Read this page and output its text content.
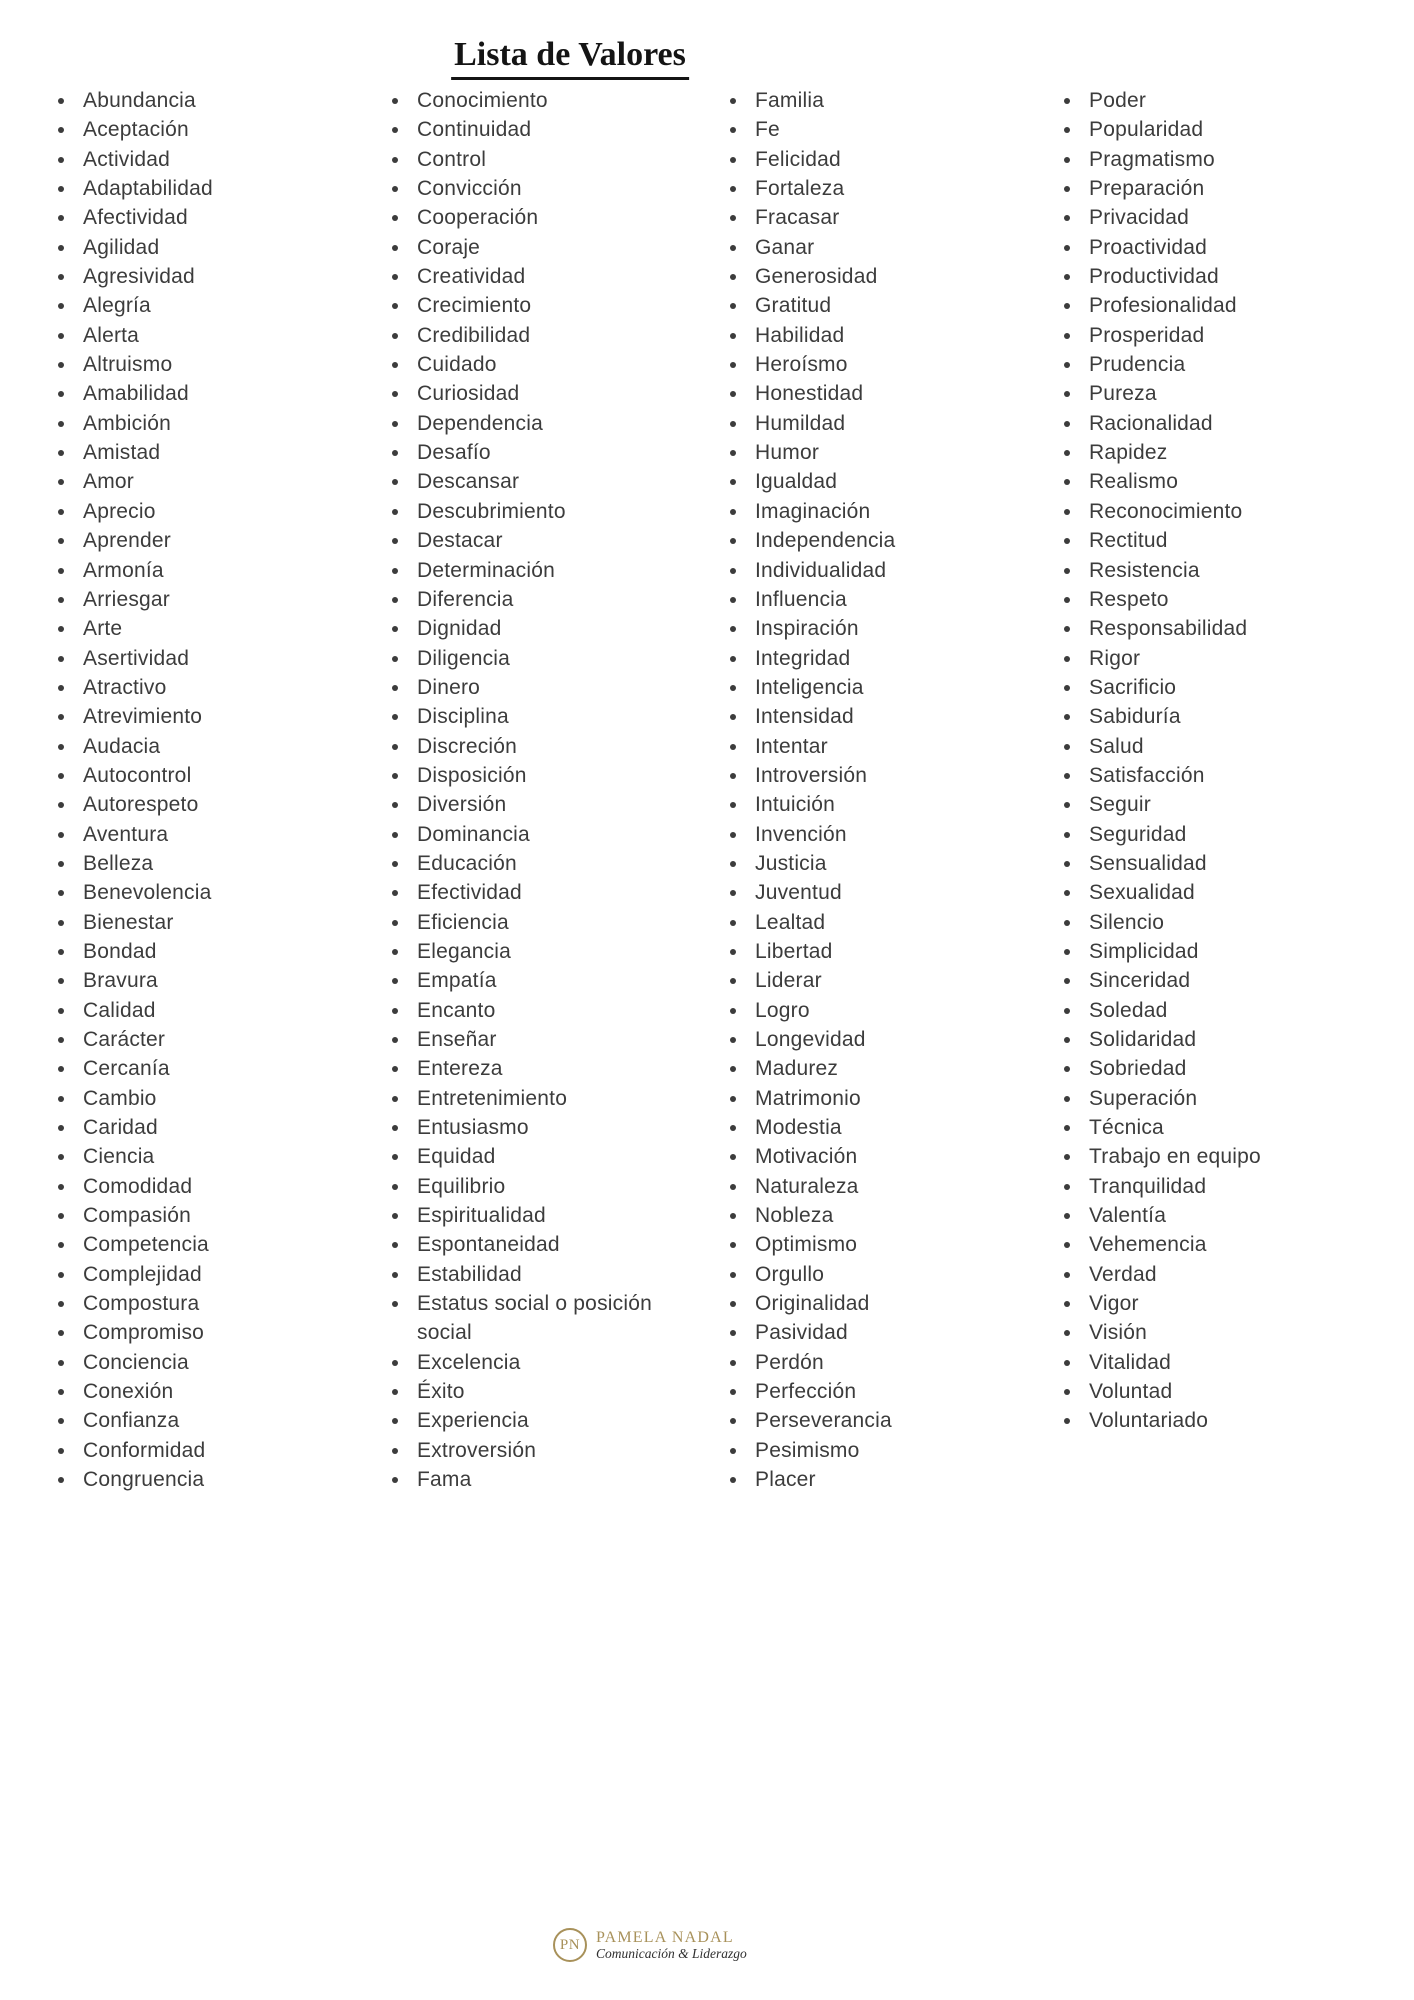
Lista de Valores
Abundancia
Aceptación
Actividad
Adaptabilidad
Afectividad
Agilidad
Agresividad
Alegría
Alerta
Altruismo
Amabilidad
Ambición
Amistad
Amor
Aprecio
Aprender
Armonía
Arriesgar
Arte
Asertividad
Atractivo
Atrevimiento
Audacia
Autocontrol
Autorespeto
Aventura
Belleza
Benevolencia
Bienestar
Bondad
Bravura
Calidad
Carácter
Cercanía
Cambio
Caridad
Ciencia
Comodidad
Compasión
Competencia
Complejidad
Compostura
Compromiso
Conciencia
Conexión
Confianza
Conformidad
Congruencia
Conocimiento
Continuidad
Control
Convicción
Cooperación
Coraje
Creatividad
Crecimiento
Credibilidad
Cuidado
Curiosidad
Dependencia
Desafío
Descansar
Descubrimiento
Destacar
Determinación
Diferencia
Dignidad
Diligencia
Dinero
Disciplina
Discreción
Disposición
Diversión
Dominancia
Educación
Efectividad
Eficiencia
Elegancia
Empatía
Encanto
Enseñar
Entereza
Entretenimiento
Entusiasmo
Equidad
Equilibrio
Espiritualidad
Espontaneidad
Estabilidad
Estatus social o posición social
Excelencia
Éxito
Experiencia
Extroversión
Fama
Familia
Fe
Felicidad
Fortaleza
Fracasar
Ganar
Generosidad
Gratitud
Habilidad
Heroísmo
Honestidad
Humildad
Humor
Igualdad
Imaginación
Independencia
Individualidad
Influencia
Inspiración
Integridad
Inteligencia
Intensidad
Intentar
Introversión
Intuición
Invención
Justicia
Juventud
Lealtad
Libertad
Liderar
Logro
Longevidad
Madurez
Matrimonio
Modestia
Motivación
Naturaleza
Nobleza
Optimismo
Orgullo
Originalidad
Pasividad
Perdón
Perfección
Perseverancia
Pesimismo
Placer
Poder
Popularidad
Pragmatismo
Preparación
Privacidad
Proactividad
Productividad
Profesionalidad
Prosperidad
Prudencia
Pureza
Racionalidad
Rapidez
Realismo
Reconocimiento
Rectitud
Resistencia
Respeto
Responsabilidad
Rigor
Sacrificio
Sabiduría
Salud
Satisfacción
Seguir
Seguridad
Sensualidad
Sexualidad
Silencio
Simplicidad
Sinceridad
Soledad
Solidaridad
Sobriedad
Superación
Técnica
Trabajo en equipo
Tranquilidad
Valentía
Vehemencia
Verdad
Vigor
Visión
Vitalidad
Voluntad
Voluntariado
PN PAMELA NADAL
Comunicación & Liderazgo
